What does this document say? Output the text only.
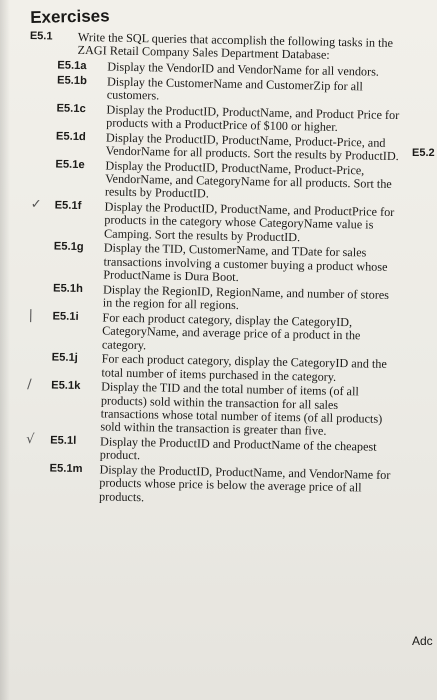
Exercises
E5.1 Write the SQL queries that accomplish the following tasks in the ZAGI Retail Company Sales Department Database:
E5.1a Display the VendorID and VendorName for all vendors.
E5.1b Display the CustomerName and CustomerZip for all customers.
E5.1c Display the ProductID, ProductName, and Product Price for products with a ProductPrice of $100 or higher.
E5.1d Display the ProductID, ProductName, Product-Price, and VendorName for all products. Sort the results by ProductID.
E5.1e Display the ProductID, ProductName, Product-Price, VendorName, and CategoryName for all products. Sort the results by ProductID.
✓ E5.1f Display the ProductID, ProductName, and ProductPrice for products in the category whose CategoryName value is Camping. Sort the results by ProductID.
E5.1g Display the TID, CustomerName, and TDate for sales transactions involving a customer buying a product whose ProductName is Dura Boot.
E5.1h Display the RegionID, RegionName, and number of stores in the region for all regions.
| E5.1i For each product category, display the CategoryID, CategoryName, and average price of a product in the category.
E5.1j For each product category, display the CategoryID and the total number of items purchased in the category.
/ E5.1k Display the TID and the total number of items (of all products) sold within the transaction for all sales transactions whose total number of items (of all products) sold within the transaction is greater than five.
√ E5.1l Display the ProductID and ProductName of the cheapest product.
E5.1m Display the ProductID, ProductName, and VendorName for products whose price is below the average price of all products.
E5.2
Adc
